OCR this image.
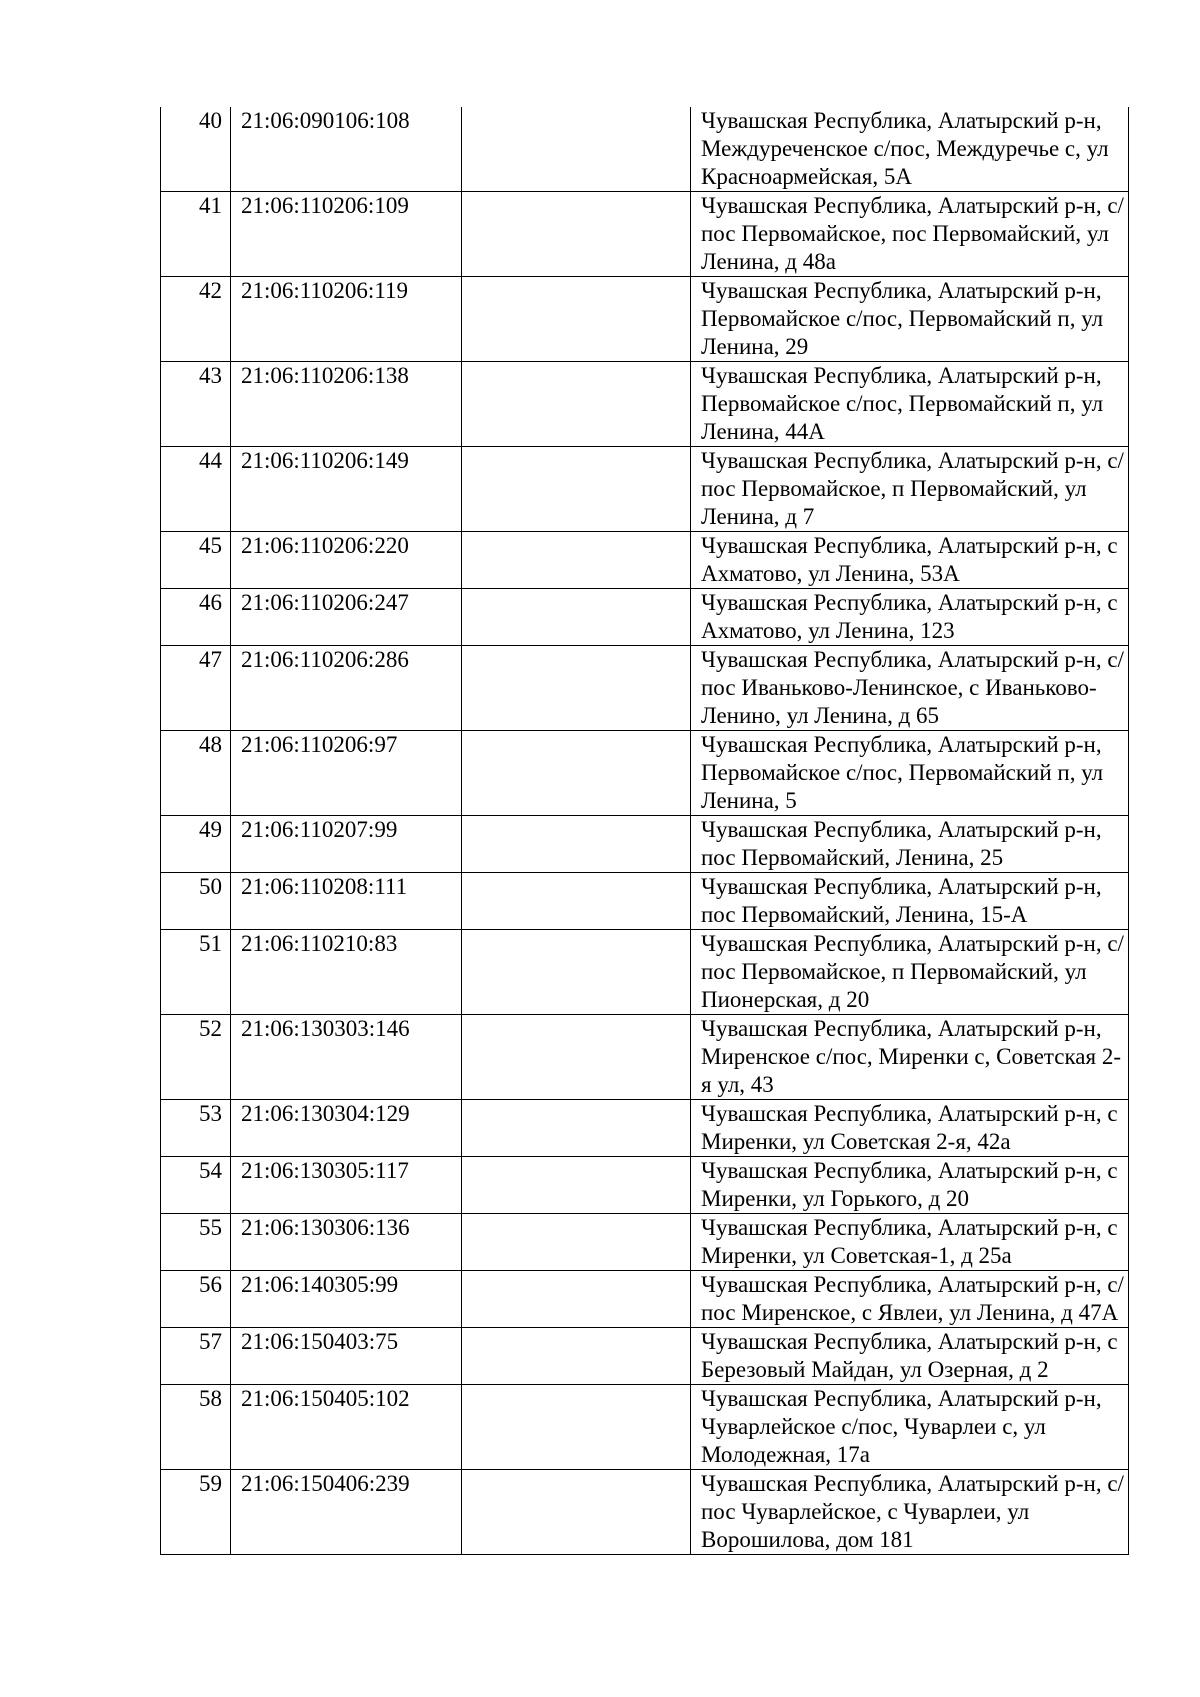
40	21:06:090106:108		Чувашская Республика, Алатырский р-н, Междуреченское с/пос, Междуречье с, ул Красноармейская, 5А
41	21:06:110206:109		Чувашская Республика, Алатырский р-н, с/пос Первомайское, пос Первомайский, ул Ленина, д 48а
42	21:06:110206:119		Чувашская Республика, Алатырский р-н, Первомайское с/пос, Первомайский п, ул Ленина, 29
43	21:06:110206:138		Чувашская Республика, Алатырский р-н, Первомайское с/пос, Первомайский п, ул Ленина, 44А
44	21:06:110206:149		Чувашская Республика, Алатырский р-н, с/пос Первомайское, п Первомайский, ул Ленина, д 7
45	21:06:110206:220		Чувашская Республика, Алатырский р-н, с Ахматово, ул Ленина, 53А
46	21:06:110206:247		Чувашская Республика, Алатырский р-н, с Ахматово, ул Ленина, 123
47	21:06:110206:286		Чувашская Республика, Алатырский р-н, с/пос Иваньково-Ленинское, с Иваньково-Ленино, ул Ленина, д 65
48	21:06:110206:97		Чувашская Республика, Алатырский р-н, Первомайское с/пос, Первомайский п, ул Ленина, 5
49	21:06:110207:99		Чувашская Республика, Алатырский р-н, пос Первомайский, Ленина, 25
50	21:06:110208:111		Чувашская Республика, Алатырский р-н, пос Первомайский, Ленина, 15-А
51	21:06:110210:83		Чувашская Республика, Алатырский р-н, с/пос Первомайское, п Первомайский, ул Пионерская, д 20
52	21:06:130303:146		Чувашская Республика, Алатырский р-н, Миренское с/пос, Миренки с, Советская 2-я ул, 43
53	21:06:130304:129		Чувашская Республика, Алатырский р-н, с Миренки, ул Советская 2-я, 42а
54	21:06:130305:117		Чувашская Республика, Алатырский р-н, с Миренки, ул Горького, д 20
55	21:06:130306:136		Чувашская Республика, Алатырский р-н, с Миренки, ул Советская-1, д 25а
56	21:06:140305:99		Чувашская Республика, Алатырский р-н, с/пос Миренское, с Явлеи, ул Ленина, д 47А
57	21:06:150403:75		Чувашская Республика, Алатырский р-н, с Березовый Майдан, ул Озерная, д 2
58	21:06:150405:102		Чувашская Республика, Алатырский р-н, Чуварлейское с/пос, Чуварлеи с, ул Молодежная, 17а
59	21:06:150406:239		Чувашская Республика, Алатырский р-н, с/пос Чуварлейское, с Чуварлеи, ул Ворошилова, дом 181
